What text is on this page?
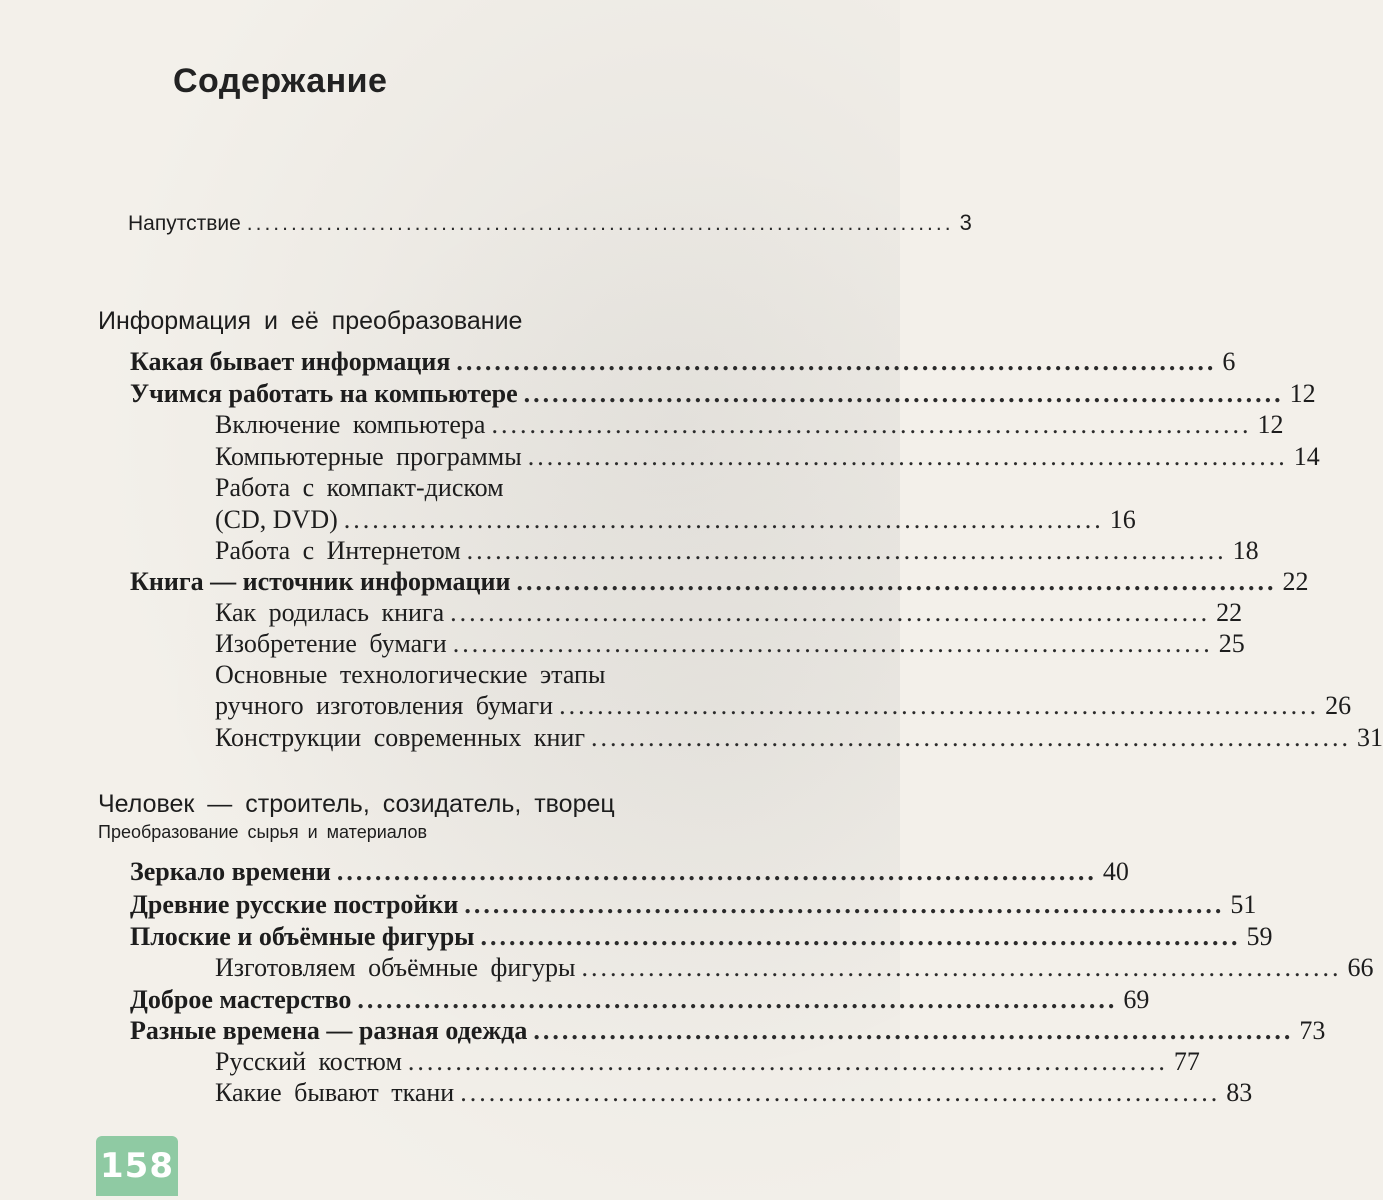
Содержание
Напутствие ................................................................................ 3
Информация и её преобразование
Какая бывает информация ................................................................................ 6
Учимся работать на компьютере ................................................................................ 12
Включение компьютера ................................................................................ 12
Компьютерные программы ................................................................................ 14
Работа с компакт-диском
(CD, DVD) ................................................................................ 16
Работа с Интернетом ................................................................................ 18
Книга — источник информации ................................................................................ 22
Как родилась книга ................................................................................ 22
Изобретение бумаги ................................................................................ 25
Основные технологические этапы
ручного изготовления бумаги ................................................................................ 26
Конструкции современных книг ................................................................................ 31
Человек — строитель, созидатель, творец
Преобразование сырья и материалов
Зеркало времени ................................................................................ 40
Древние русские постройки ................................................................................ 51
Плоские и объёмные фигуры ................................................................................ 59
Изготовляем объёмные фигуры ................................................................................ 66
Доброе мастерство ................................................................................ 69
Разные времена — разная одежда ................................................................................ 73
Русский костюм ................................................................................ 77
Какие бывают ткани ................................................................................ 83
158
